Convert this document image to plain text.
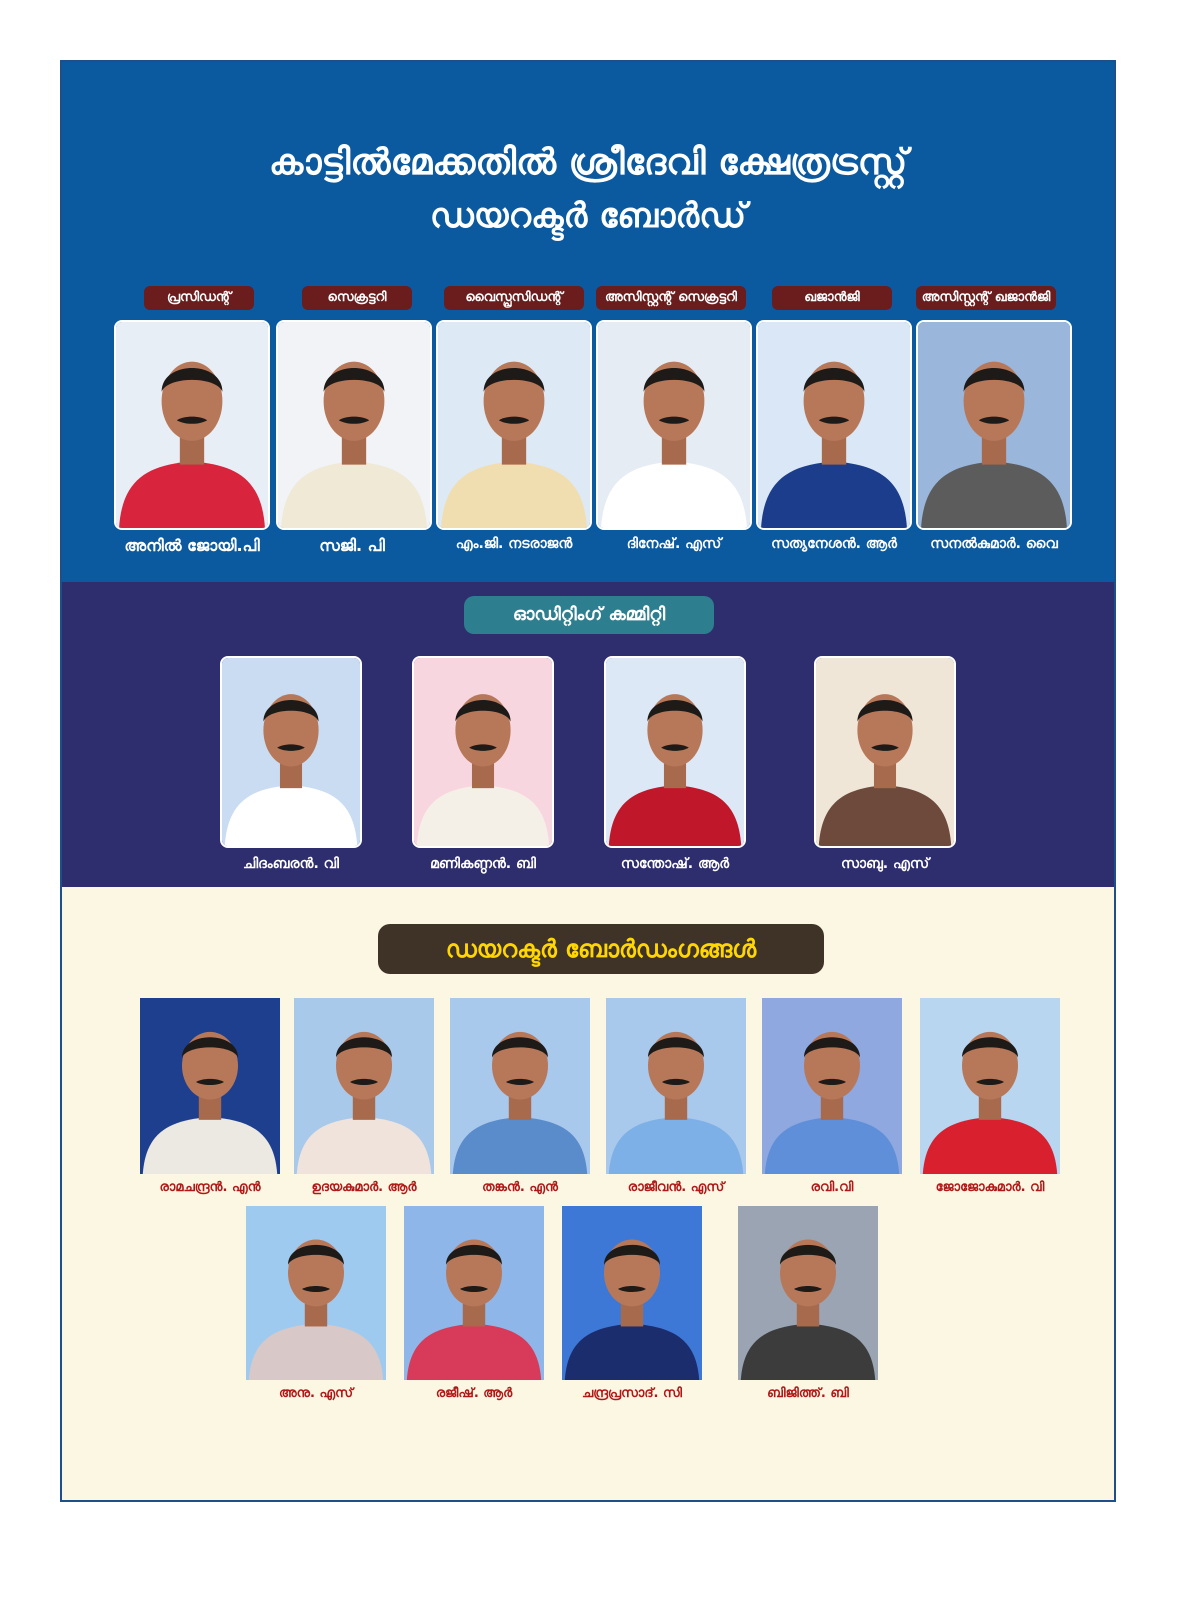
കാട്ടിൽമേക്കതിൽ ശ്രീദേവി ക്ഷേത്രട്രസ്റ്റ്
ഡയറക്ടർ ബോർഡ്
പ്രസിഡന്റ്	സെക്രട്ടറി	വൈസ്പ്രസിഡന്റ്	അസിസ്റ്റന്റ് സെക്രട്ടറി	ഖജാൻജി	അസിസ്റ്റന്റ് ഖജാൻജി
അനിൽ ജോയി.പി	സജി. പി	എം.ജി. നടരാജൻ	ദിനേഷ്. എസ്	സത്യനേശൻ. ആർ	സനൽകുമാർ. വൈ
ഓഡിറ്റിംഗ് കമ്മിറ്റി
ചിദംബരൻ. വി	മണികണ്ഠൻ. ബി	സന്തോഷ്. ആർ	സാബു. എസ്
ഡയറക്ടർ ബോർഡംഗങ്ങൾ
രാമചന്ദ്രൻ. എൻ	ഉദയകുമാർ. ആർ	തങ്കൻ. എൻ	രാജീവൻ. എസ്	രവി.വി	ജോജോകുമാർ. വി
അനു. എസ്	രജീഷ്. ആർ	ചന്ദ്രപ്രസാദ്. സി	ബിജിത്ത്. ബി
